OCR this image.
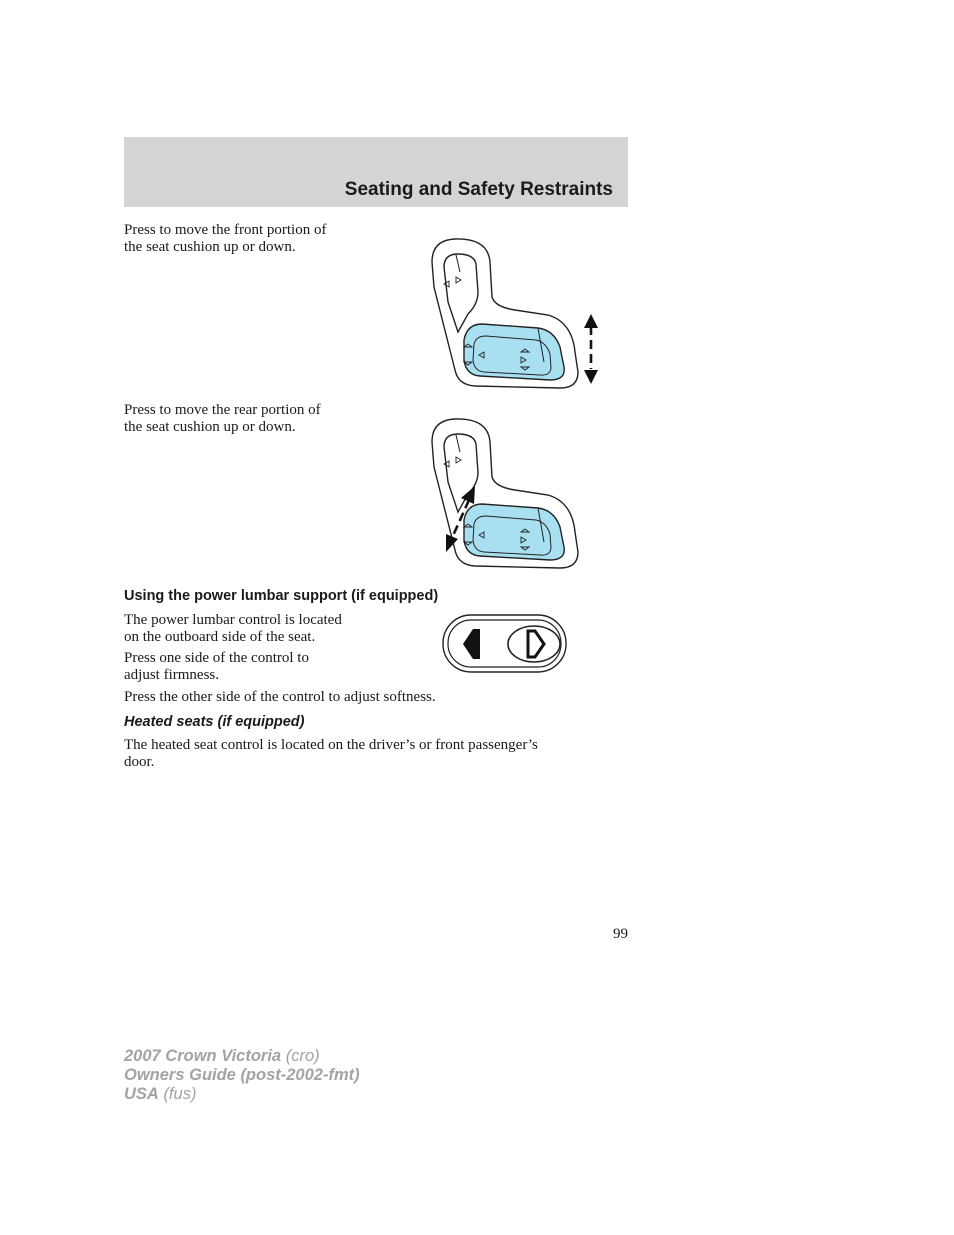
Seating and Safety Restraints

Press to move the front portion of
the seat cushion up or down.

Press to move the rear portion of
the seat cushion up or down.

Using the power lumbar support (if equipped)

The power lumbar control is located
on the outboard side of the seat.

Press one side of the control to
adjust firmness.

Press the other side of the control to adjust softness.

Heated seats (if equipped)

The heated seat control is located on the driver’s or front passenger’s
door.

99
2007 Crown Victoria (cro)
Owners Guide (post-2002-fmt)
USA (fus)
